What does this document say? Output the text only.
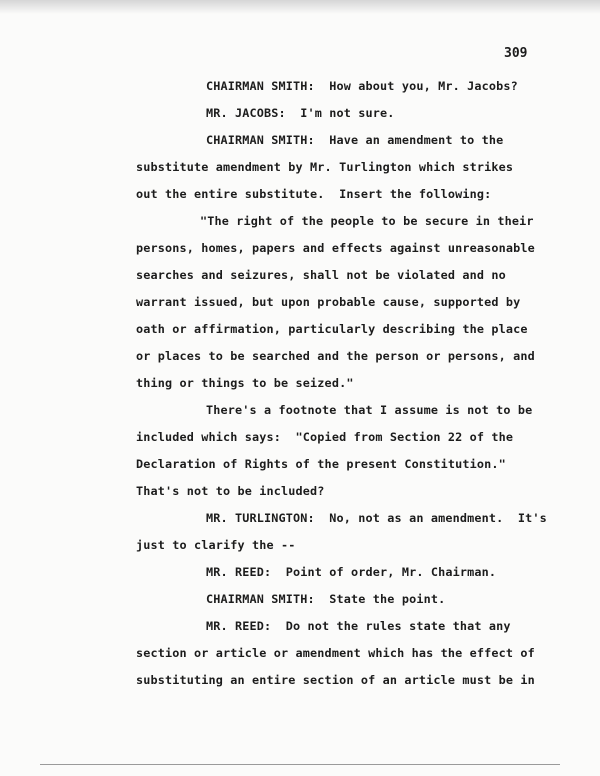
309
CHAIRMAN SMITH:  How about you, Mr. Jacobs?
MR. JACOBS:  I'm not sure.
CHAIRMAN SMITH:  Have an amendment to the
substitute amendment by Mr. Turlington which strikes
out the entire substitute.  Insert the following:
"The right of the people to be secure in their
persons, homes, papers and effects against unreasonable
searches and seizures, shall not be violated and no
warrant issued, but upon probable cause, supported by
oath or affirmation, particularly describing the place
or places to be searched and the person or persons, and
thing or things to be seized."
There's a footnote that I assume is not to be
included which says:  "Copied from Section 22 of the
Declaration of Rights of the present Constitution."
That's not to be included?
MR. TURLINGTON:  No, not as an amendment.  It's
just to clarify the --
MR. REED:  Point of order, Mr. Chairman.
CHAIRMAN SMITH:  State the point.
MR. REED:  Do not the rules state that any
section or article or amendment which has the effect of
substituting an entire section of an article must be in
